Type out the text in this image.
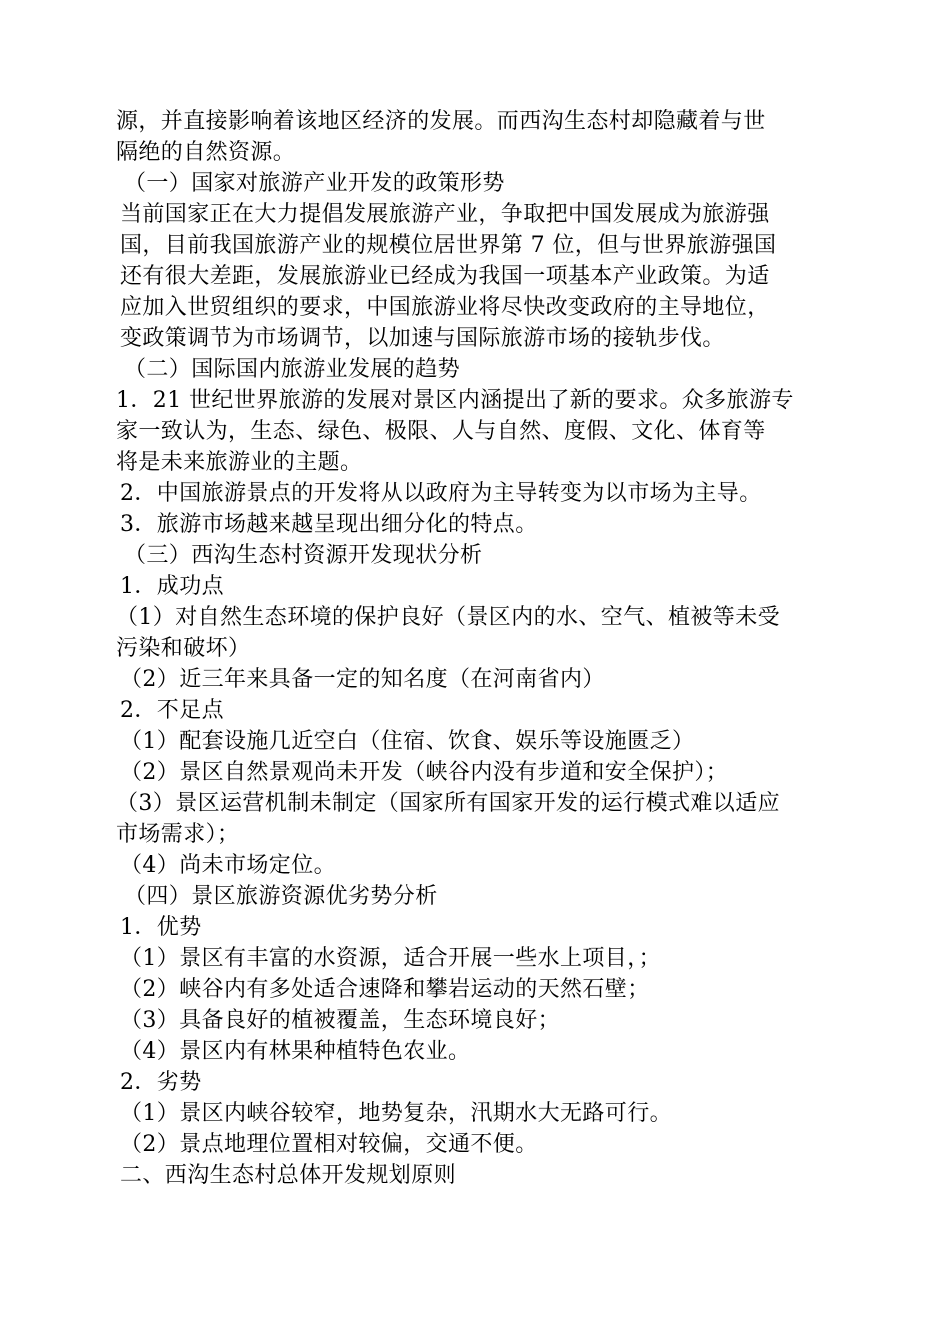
源，并直接影响着该地区经济的发展。而西沟生态村却隐藏着与世
隔绝的自然资源。
（一）国家对旅游产业开发的政策形势
当前国家正在大力提倡发展旅游产业，争取把中国发展成为旅游强
国，目前我国旅游产业的规模位居世界第 7 位，但与世界旅游强国
还有很大差距，发展旅游业已经成为我国一项基本产业政策。为适
应加入世贸组织的要求，中国旅游业将尽快改变政府的主导地位，
变政策调节为市场调节，以加速与国际旅游市场的接轨步伐。
（二）国际国内旅游业发展的趋势
1．21 世纪世界旅游的发展对景区内涵提出了新的要求。众多旅游专
家一致认为，生态、绿色、极限、人与自然、度假、文化、体育等
将是未来旅游业的主题。
2．中国旅游景点的开发将从以政府为主导转变为以市场为主导。
3．旅游市场越来越呈现出细分化的特点。
（三）西沟生态村资源开发现状分析
1．成功点
（1）对自然生态环境的保护良好（景区内的水、空气、植被等未受
污染和破坏）
（2）近三年来具备一定的知名度（在河南省内）
2．不足点
（1）配套设施几近空白（住宿、饮食、娱乐等设施匮乏）
（2）景区自然景观尚未开发（峡谷内没有步道和安全保护）；
（3）景区运营机制未制定（国家所有国家开发的运行模式难以适应
市场需求）；
（4）尚未市场定位。
（四）景区旅游资源优劣势分析
1．优势
（1）景区有丰富的水资源，适合开展一些水上项目，；
（2）峡谷内有多处适合速降和攀岩运动的天然石壁；
（3）具备良好的植被覆盖，生态环境良好；
（4）景区内有林果种植特色农业。
2．劣势
（1）景区内峡谷较窄，地势复杂，汛期水大无路可行。
（2）景点地理位置相对较偏，交通不便。
二、西沟生态村总体开发规划原则
